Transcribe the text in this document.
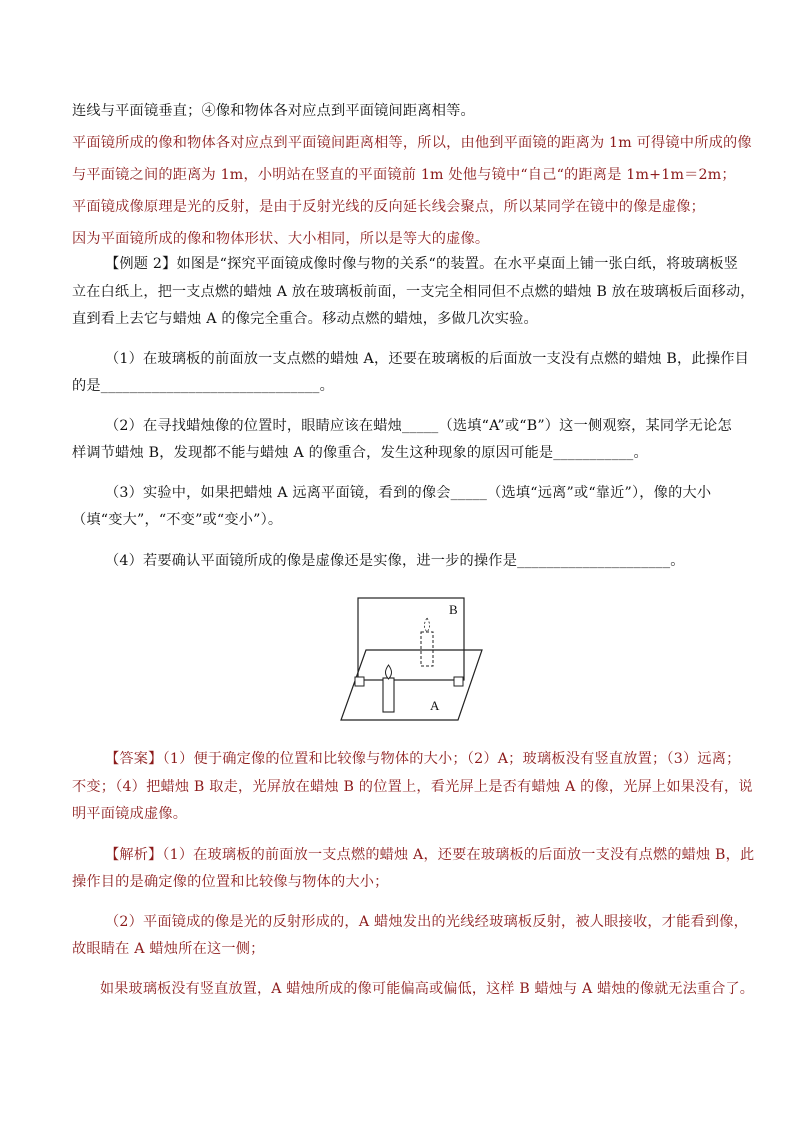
连线与平面镜垂直；④像和物体各对应点到平面镜间距离相等。
平面镜所成的像和物体各对应点到平面镜间距离相等，所以，由他到平面镜的距离为 1m 可得镜中所成的像
与平面镜之间的距离为 1m，小明站在竖直的平面镜前 1m 处他与镜中“自己“的距离是 1m+1m＝2m；
平面镜成像原理是光的反射，是由于反射光线的反向延长线会聚点，所以某同学在镜中的像是虚像；
因为平面镜所成的像和物体形状、大小相同，所以是等大的虚像。
【例题 2】如图是“探究平面镜成像时像与物的关系“的装置。在水平桌面上铺一张白纸，将玻璃板竖
立在白纸上，把一支点燃的蜡烛 A 放在玻璃板前面，一支完全相同但不点燃的蜡烛 B 放在玻璃板后面移动，
直到看上去它与蜡烛 A 的像完全重合。移动点燃的蜡烛，多做几次实验。
（1）在玻璃板的前面放一支点燃的蜡烛 A，还要在玻璃板的后面放一支没有点燃的蜡烛 B，此操作目
的是______________________________。
（2）在寻找蜡烛像的位置时，眼睛应该在蜡烛_____（选填“A”或“B”）这一侧观察，某同学无论怎
样调节蜡烛 B，发现都不能与蜡烛 A 的像重合，发生这种现象的原因可能是___________。
（3）实验中，如果把蜡烛 A 远离平面镜，看到的像会_____（选填“远离”或“靠近”），像的大小
（填“变大”，“不变”或“变小”）。
（4）若要确认平面镜所成的像是虚像还是实像，进一步的操作是_____________________。
B
A
【答案】（1）便于确定像的位置和比较像与物体的大小；（2）A；玻璃板没有竖直放置；（3）远离；
不变；（4）把蜡烛 B 取走，光屏放在蜡烛 B 的位置上，看光屏上是否有蜡烛 A 的像，光屏上如果没有，说
明平面镜成虚像。
【解析】（1）在玻璃板的前面放一支点燃的蜡烛 A，还要在玻璃板的后面放一支没有点燃的蜡烛 B，此
操作目的是确定像的位置和比较像与物体的大小；
（2）平面镜成的像是光的反射形成的，A 蜡烛发出的光线经玻璃板反射，被人眼接收，才能看到像，
故眼睛在 A 蜡烛所在这一侧；
如果玻璃板没有竖直放置，A 蜡烛所成的像可能偏高或偏低，这样 B 蜡烛与 A 蜡烛的像就无法重合了。
